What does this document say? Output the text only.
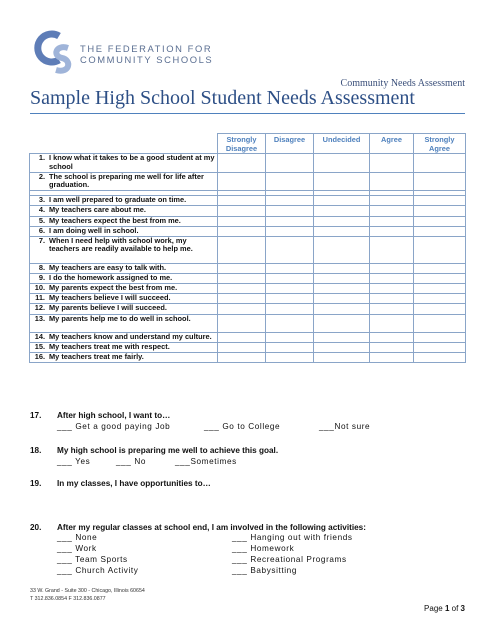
THE FEDERATION FOR
COMMUNITY SCHOOLS
Community Needs Assessment
Sample High School Student Needs Assessment
	Strongly Disagree	Disagree	Undecided	Agree	Strongly Agree

1. I know what it takes to be a good student at my school					

2. The school is preparing me well for life after graduation.					

3. I am well prepared to graduate on time.					

4. My teachers care about me.					

5. My teachers expect the best from me.					

6. I am doing well in school.					

7. When I need help with school work, my teachers are readily available to help me.					

8. My teachers are easy to talk with.					

9. I do the homework assigned to me.					

10. My parents expect the best from me.					

11. My teachers believe I will succeed.					

12. My parents believe I will succeed.					

13. My parents help me to do well in school.					

14. My teachers know and understand my culture.					

15. My teachers treat me with respect.					

16. My teachers treat me fairly.					

17. After high school, I want to…
___ Get a good paying Job	___ Go to College	___Not sure
18. My high school is preparing me well to achieve this goal.
___ Yes	___ No	___Sometimes
19. In my classes, I have opportunities to…
20. After my regular classes at school end, I am involved in the following activities:
___ None	___ Hanging out with friends
___ Work	___ Homework
___ Team Sports	___ Recreational Programs
___ Church Activity	___ Babysitting
33 W. Grand - Suite 300 - Chicago, Illinois 60654
T 312.836.0854 F 312.836.0877
Page 1 of 3
